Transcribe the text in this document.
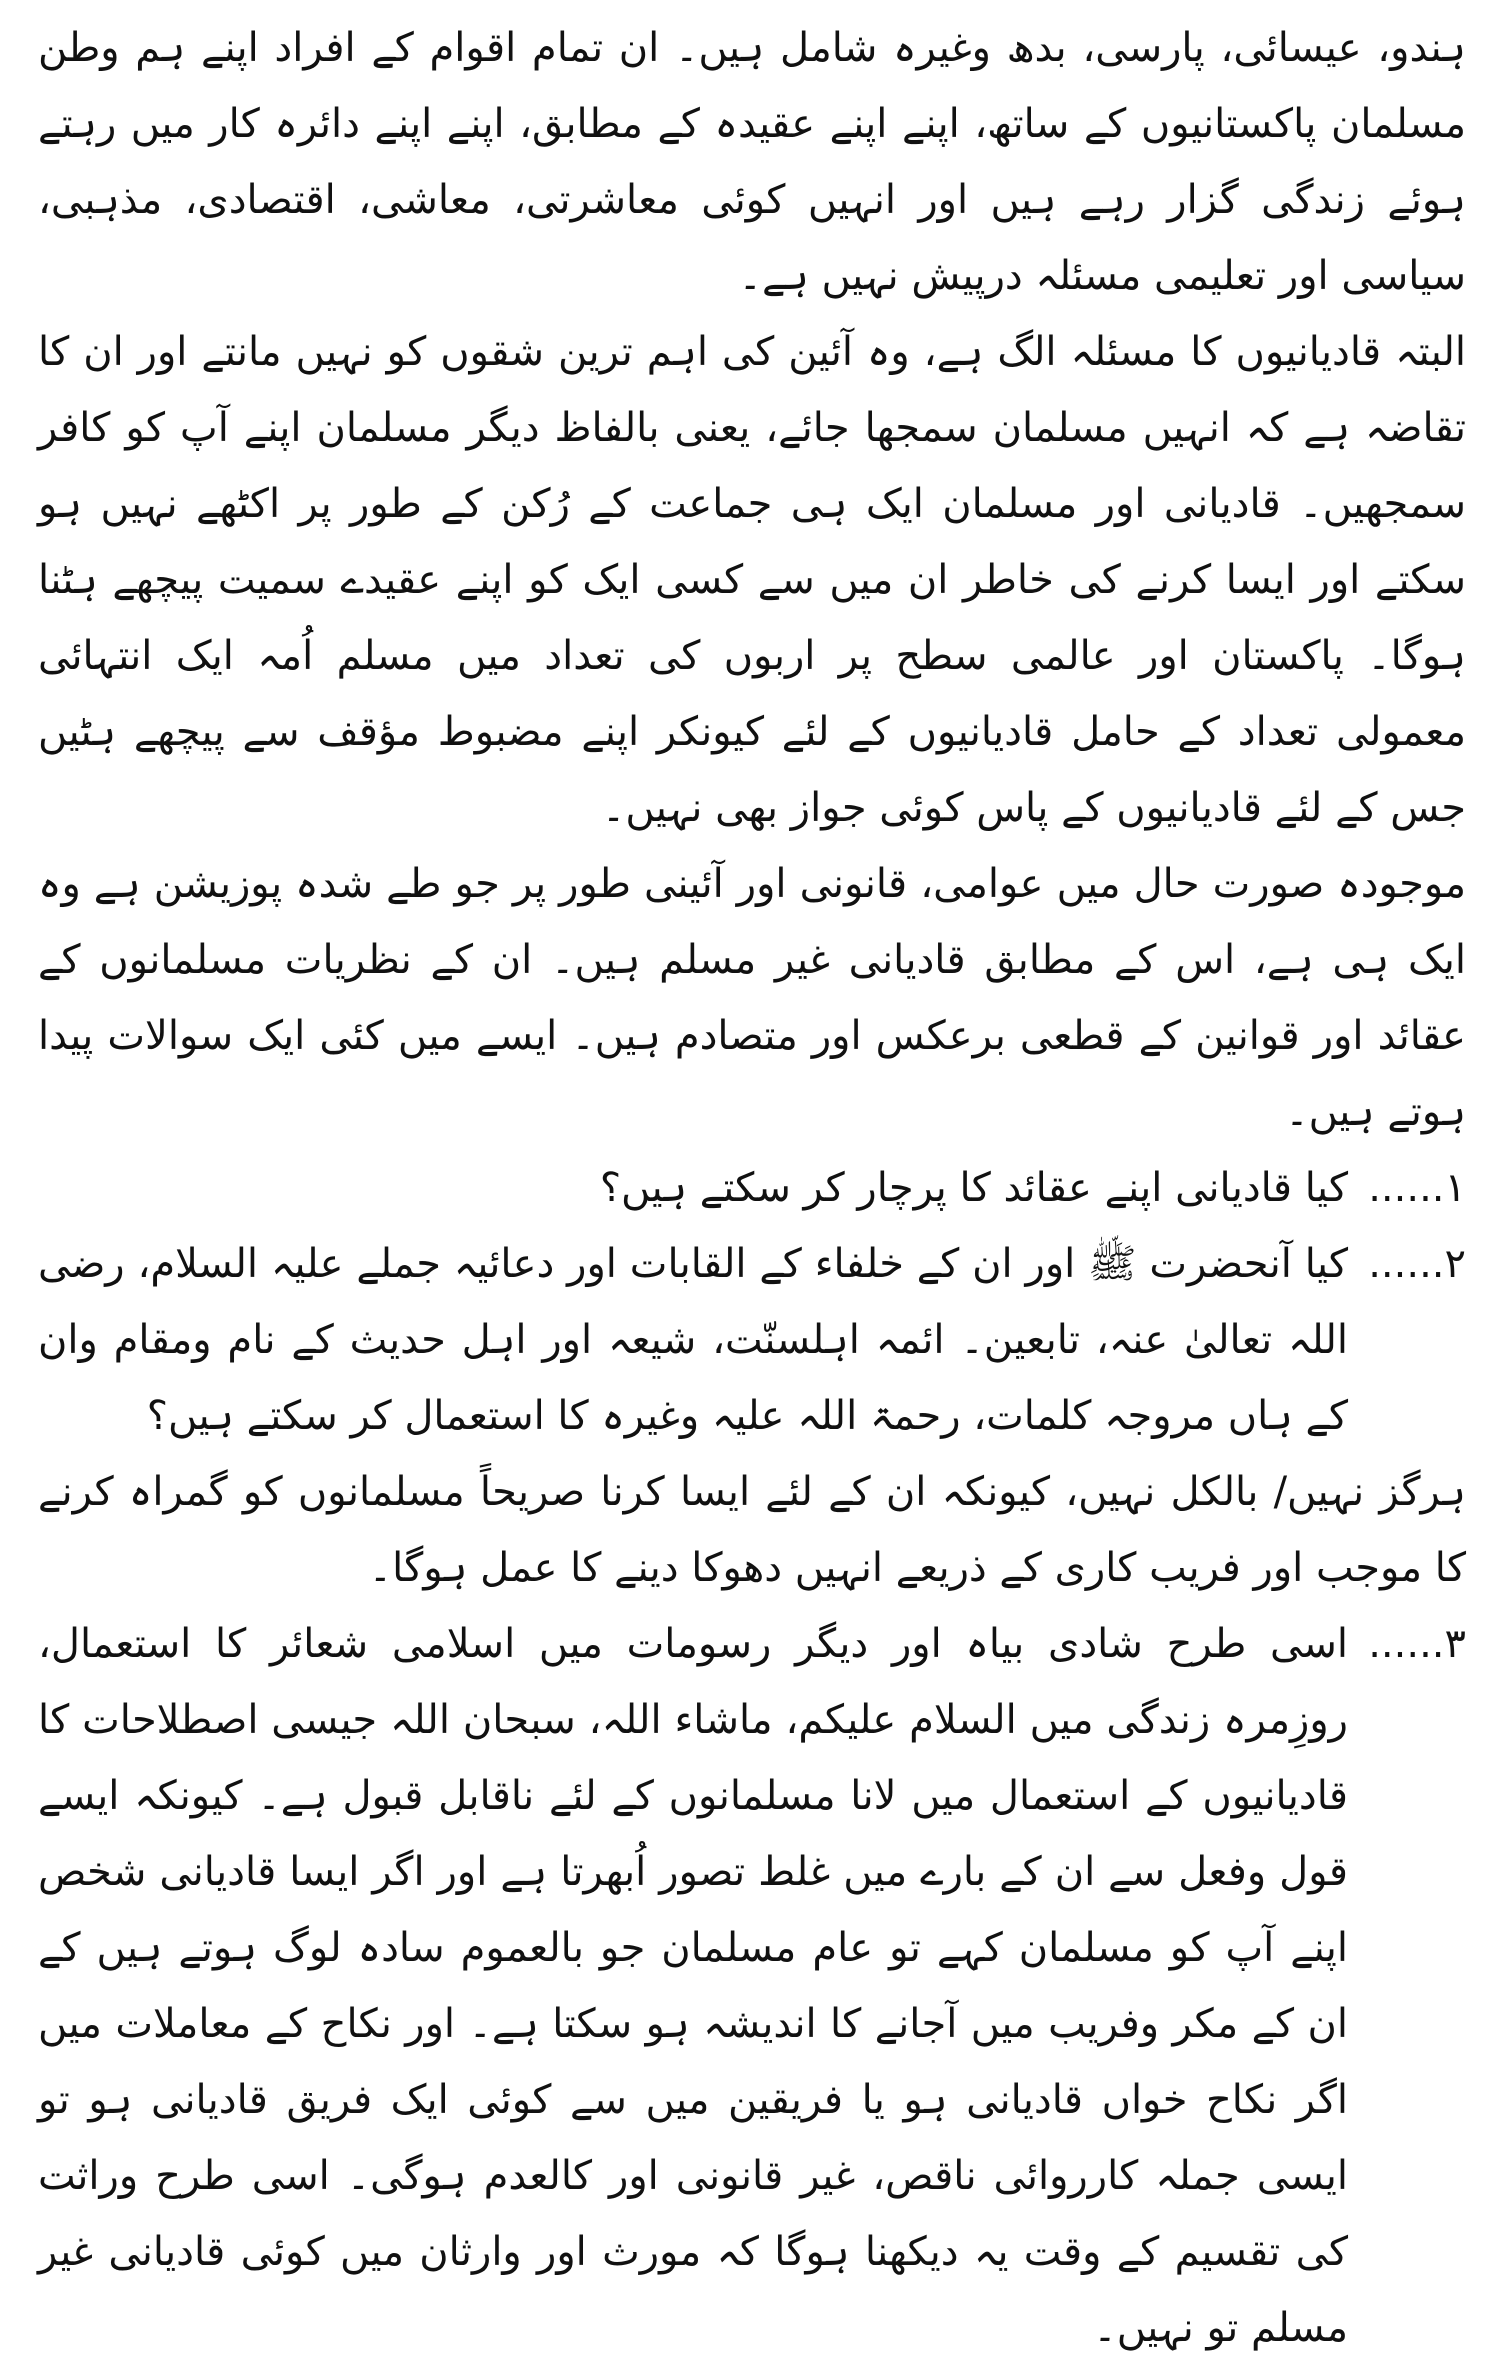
ہندو، عیسائی، پارسی، بدھ وغیرہ شامل ہیں۔ ان تمام اقوام کے افراد اپنے ہم وطن مسلمان پاکستانیوں کے ساتھ، اپنے اپنے عقیدہ کے مطابق، اپنے اپنے دائرہ کار میں رہتے ہوئے زندگی گزار رہے ہیں اور انہیں کوئی معاشرتی، معاشی، اقتصادی، مذہبی، سیاسی اور تعلیمی مسئلہ درپیش نہیں ہے۔

البتہ قادیانیوں کا مسئلہ الگ ہے، وہ آئین کی اہم ترین شقوں کو نہیں مانتے اور ان کا تقاضہ ہے کہ انہیں مسلمان سمجھا جائے، یعنی بالفاظ دیگر مسلمان اپنے آپ کو کافر سمجھیں۔ قادیانی اور مسلمان ایک ہی جماعت کے رُکن کے طور پر اکٹھے نہیں ہو سکتے اور ایسا کرنے کی خاطر ان میں سے کسی ایک کو اپنے عقیدے سمیت پیچھے ہٹنا ہوگا۔ پاکستان اور عالمی سطح پر اربوں کی تعداد میں مسلم اُمہ ایک انتہائی معمولی تعداد کے حامل قادیانیوں کے لئے کیونکر اپنے مضبوط مؤقف سے پیچھے ہٹیں جس کے لئے قادیانیوں کے پاس کوئی جواز بھی نہیں۔

موجودہ صورت حال میں عوامی، قانونی اور آئینی طور پر جو طے شدہ پوزیشن ہے وہ ایک ہی ہے، اس کے مطابق قادیانی غیر مسلم ہیں۔ ان کے نظریات مسلمانوں کے عقائد اور قوانین کے قطعی برعکس اور متصادم ہیں۔ ایسے میں کئی ایک سوالات پیدا ہوتے ہیں۔

١......
کیا قادیانی اپنے عقائد کا پرچار کر سکتے ہیں؟
٢......
کیا آنحضرت ﷺ اور ان کے خلفاء کے القابات اور دعائیہ جملے علیہ السلام، رضی اللہ تعالیٰ عنہ، تابعین۔ ائمہ اہلسنّت، شیعہ اور اہل حدیث کے نام ومقام وان کے ہاں مروجہ کلمات، رحمۃ اللہ علیہ وغیرہ کا استعمال کر سکتے ہیں؟

ہرگز نہیں/ بالکل نہیں، کیونکہ ان کے لئے ایسا کرنا صریحاً مسلمانوں کو گمراہ کرنے کا موجب اور فریب کاری کے ذریعے انہیں دھوکا دینے کا عمل ہوگا۔

٣......
اسی طرح شادی بیاہ اور دیگر رسومات میں اسلامی شعائر کا استعمال، روزِمرہ زندگی میں السلام علیکم، ماشاء اللہ، سبحان اللہ جیسی اصطلاحات کا قادیانیوں کے استعمال میں لانا مسلمانوں کے لئے ناقابل قبول ہے۔ کیونکہ ایسے قول وفعل سے ان کے بارے میں غلط تصور اُبھرتا ہے اور اگر ایسا قادیانی شخص اپنے آپ کو مسلمان کہے تو عام مسلمان جو بالعموم سادہ لوگ ہوتے ہیں کے ان کے مکر وفریب میں آجانے کا اندیشہ ہو سکتا ہے۔ اور نکاح کے معاملات میں اگر نکاح خواں قادیانی ہو یا فریقین میں سے کوئی ایک فریق قادیانی ہو تو ایسی جملہ کارروائی ناقص، غیر قانونی اور کالعدم ہوگی۔ اسی طرح وراثت کی تقسیم کے وقت یہ دیکھنا ہوگا کہ مورث اور وارثان میں کوئی قادیانی غیر مسلم تو نہیں۔
